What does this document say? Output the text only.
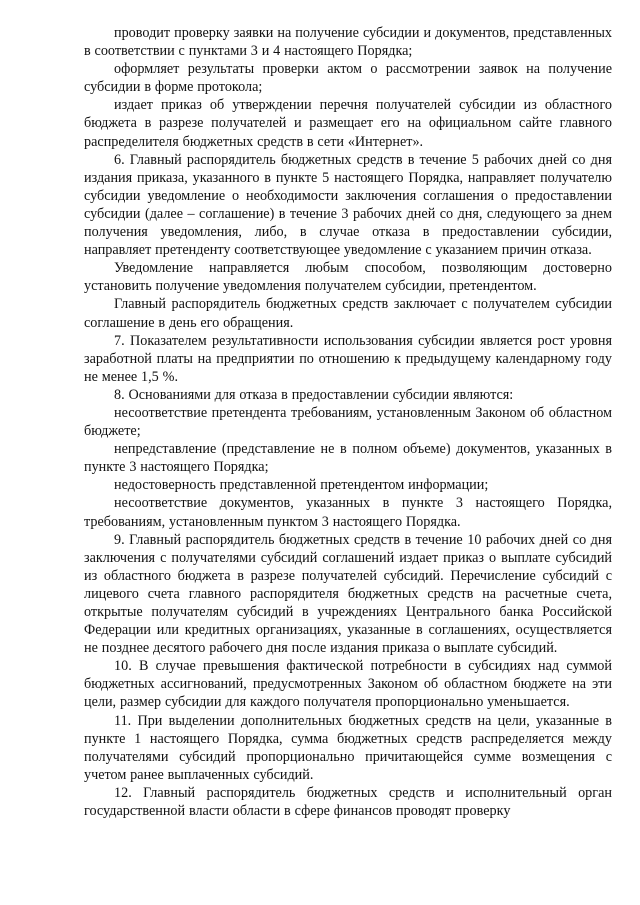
проводит проверку заявки на получение субсидии и документов, представленных в соответствии с пунктами 3 и 4 настоящего Порядка;

оформляет результаты проверки актом о рассмотрении заявок на получение субсидии в форме протокола;

издает приказ об утверждении перечня получателей субсидии из областного бюджета в разрезе получателей и размещает его на официальном сайте главного распределителя бюджетных средств в сети «Интернет».

6. Главный распорядитель бюджетных средств в течение 5 рабочих дней со дня издания приказа, указанного в пункте 5 настоящего Порядка, направляет получателю субсидии уведомление о необходимости заключения соглашения о предоставлении субсидии (далее – соглашение) в течение 3 рабочих дней со дня, следующего за днем получения уведомления, либо, в случае отказа в предоставлении субсидии, направляет претенденту соответствующее уведомление с указанием причин отказа.

Уведомление направляется любым способом, позволяющим достоверно установить получение уведомления получателем субсидии, претендентом.

Главный распорядитель бюджетных средств заключает с получателем субсидии соглашение в день его обращения.

7. Показателем результативности использования субсидии является рост уровня заработной платы на предприятии по отношению к предыдущему календарному году не менее 1,5 %.

8. Основаниями для отказа в предоставлении субсидии являются:

несоответствие претендента требованиям, установленным Законом об областном бюджете;

непредставление (представление не в полном объеме) документов, указанных в пункте 3 настоящего Порядка;

недостоверность представленной претендентом информации;

несоответствие документов, указанных в пункте 3 настоящего Порядка, требованиям, установленным пунктом 3 настоящего Порядка.

9. Главный распорядитель бюджетных средств в течение 10 рабочих дней со дня заключения с получателями субсидий соглашений издает приказ о выплате субсидий из областного бюджета в разрезе получателей субсидий. Перечисление субсидий с лицевого счета главного распорядителя бюджетных средств на расчетные счета, открытые получателям субсидий в учреждениях Центрального банка Российской Федерации или кредитных организациях, указанные в соглашениях, осуществляется не позднее десятого рабочего дня после издания приказа о выплате субсидий.

10. В случае превышения фактической потребности в субсидиях над суммой бюджетных ассигнований, предусмотренных Законом об областном бюджете на эти цели, размер субсидии для каждого получателя пропорционально уменьшается.

11. При выделении дополнительных бюджетных средств на цели, указанные в пункте 1 настоящего Порядка, сумма бюджетных средств распределяется между получателями субсидий пропорционально причитающейся сумме возмещения с учетом ранее выплаченных субсидий.

12. Главный распорядитель бюджетных средств и исполнительный орган государственной власти области в сфере финансов проводят проверку
